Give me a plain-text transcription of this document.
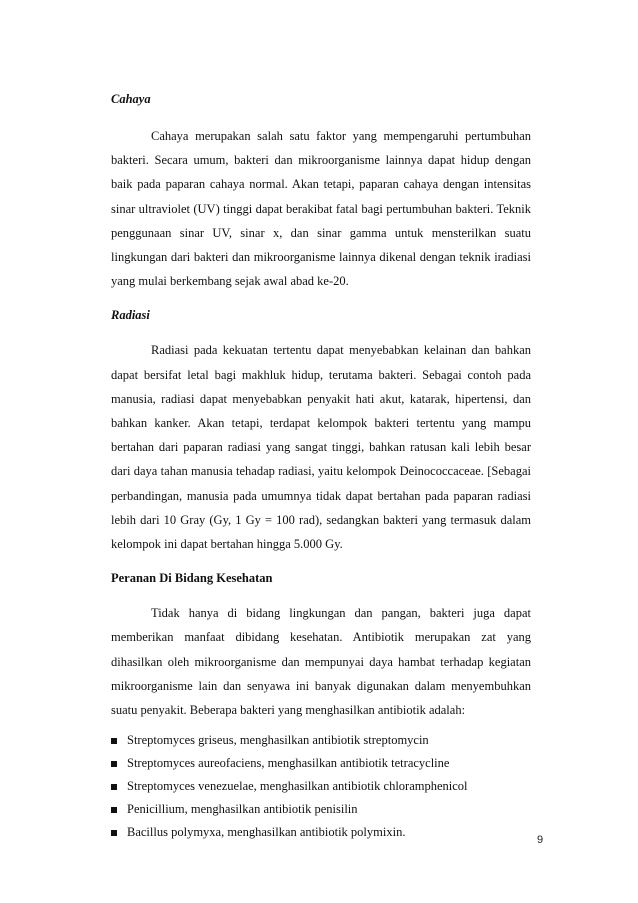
Cahaya

Cahaya merupakan salah satu faktor yang mempengaruhi pertumbuhan bakteri. Secara umum, bakteri dan mikroorganisme lainnya dapat hidup dengan baik pada paparan cahaya normal. Akan tetapi, paparan cahaya dengan intensitas sinar ultraviolet (UV) tinggi dapat berakibat fatal bagi pertumbuhan bakteri. Teknik penggunaan sinar UV, sinar x, dan sinar gamma untuk mensterilkan suatu lingkungan dari bakteri dan mikroorganisme lainnya dikenal dengan teknik iradiasi yang mulai berkembang sejak awal abad ke-20.

Radiasi

Radiasi pada kekuatan tertentu dapat menyebabkan kelainan dan bahkan dapat bersifat letal bagi makhluk hidup, terutama bakteri. Sebagai contoh pada manusia, radiasi dapat menyebabkan penyakit hati akut, katarak, hipertensi, dan bahkan kanker. Akan tetapi, terdapat kelompok bakteri tertentu yang mampu bertahan dari paparan radiasi yang sangat tinggi, bahkan ratusan kali lebih besar dari daya tahan manusia tehadap radiasi, yaitu kelompok Deinococcaceae. [Sebagai perbandingan, manusia pada umumnya tidak dapat bertahan pada paparan radiasi lebih dari 10 Gray (Gy, 1 Gy = 100 rad), sedangkan bakteri yang termasuk dalam kelompok ini dapat bertahan hingga 5.000 Gy.

Peranan Di Bidang Kesehatan

Tidak hanya di bidang lingkungan dan pangan, bakteri juga dapat memberikan manfaat dibidang kesehatan. Antibiotik merupakan zat yang dihasilkan oleh mikroorganisme dan mempunyai daya hambat terhadap kegiatan mikroorganisme lain dan senyawa ini banyak digunakan dalam menyembuhkan suatu penyakit. Beberapa bakteri yang menghasilkan antibiotik adalah:

Streptomyces griseus, menghasilkan antibiotik streptomycin
Streptomyces aureofaciens, menghasilkan antibiotik tetracycline
Streptomyces venezuelae, menghasilkan antibiotik chloramphenicol
Penicillium, menghasilkan antibiotik penisilin
Bacillus polymyxa, menghasilkan antibiotik polymixin.
9
